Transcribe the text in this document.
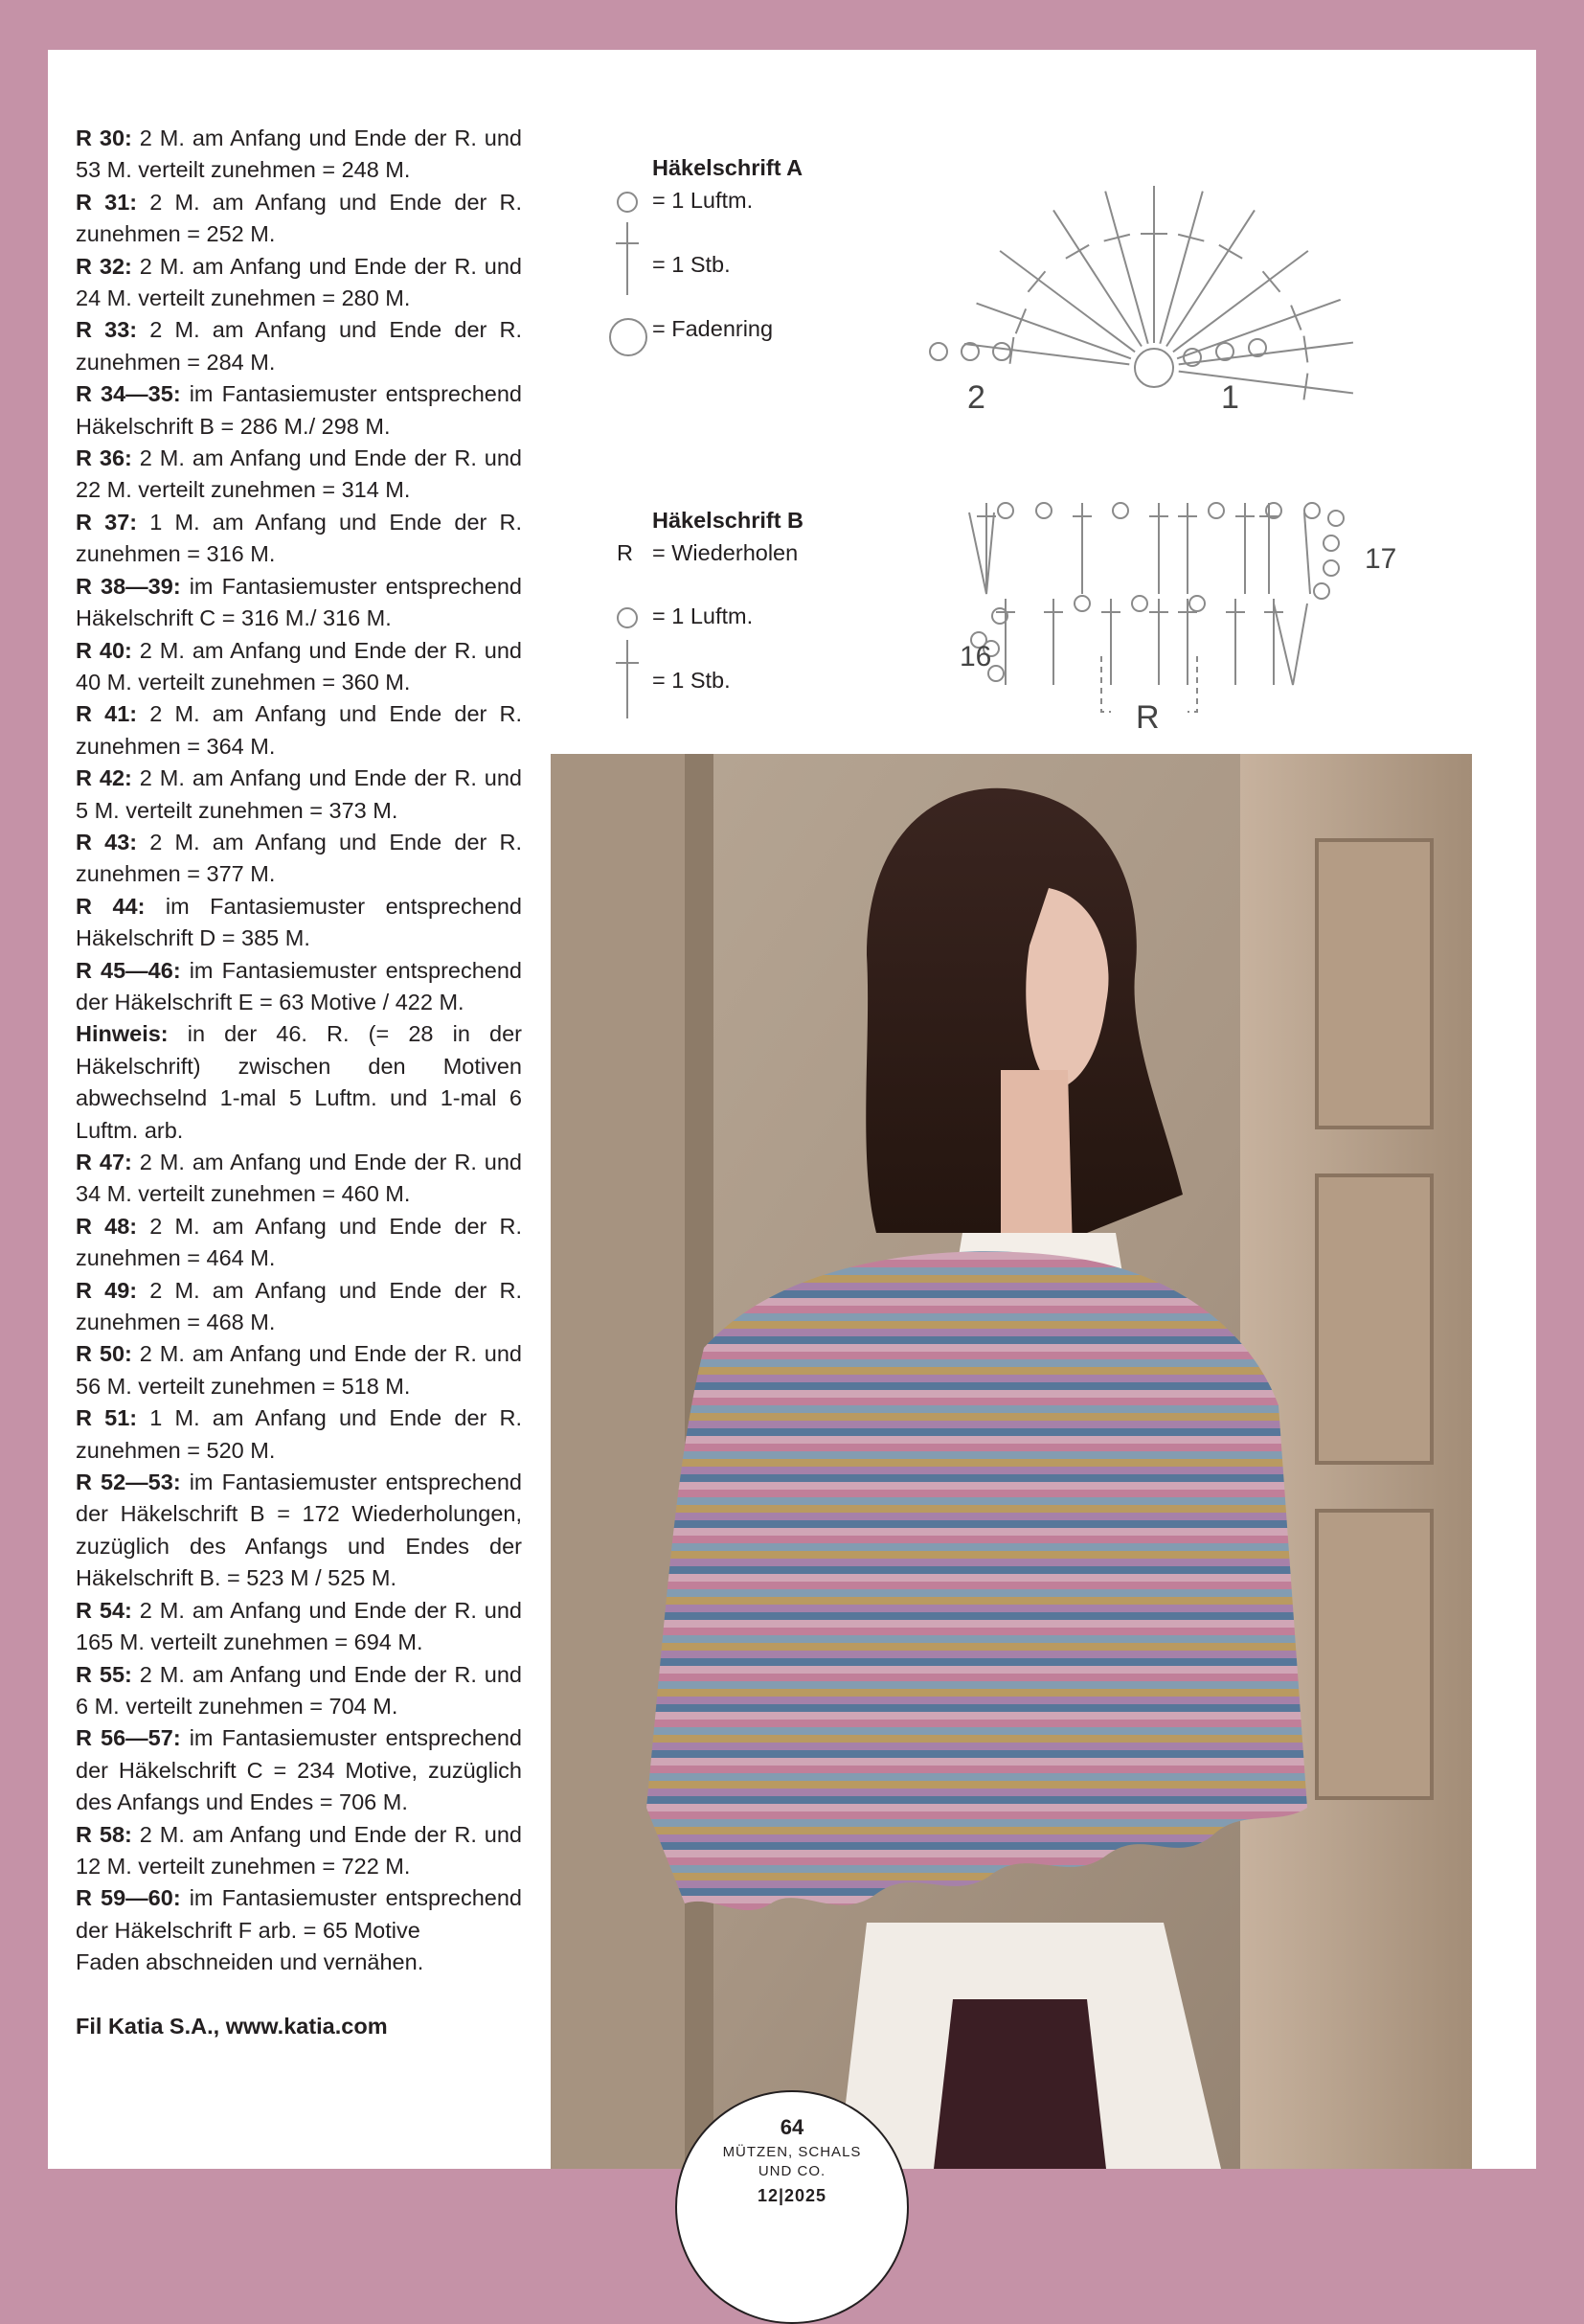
R 30: 2 M. am Anfang und Ende der R. und 53 M. verteilt zunehmen = 248 M.

R 31: 2 M. am Anfang und Ende der R. zunehmen = 252 M.

R 32: 2 M. am Anfang und Ende der R. und 24 M. verteilt zunehmen = 280 M.

R 33: 2 M. am Anfang und Ende der R. zunehmen = 284 M.

R 34—35: im Fantasiemuster entsprechend Häkelschrift B = 286 M./ 298 M.

R 36: 2 M. am Anfang und Ende der R. und 22 M. verteilt zunehmen = 314 M.

R 37: 1 M. am Anfang und Ende der R. zunehmen = 316 M.

R 38—39: im Fantasiemuster entsprechend Häkelschrift C = 316 M./ 316 M.

R 40: 2 M. am Anfang und Ende der R. und 40 M. verteilt zunehmen = 360 M.

R 41: 2 M. am Anfang und Ende der R. zunehmen = 364 M.

R 42: 2 M. am Anfang und Ende der R. und 5 M. verteilt zunehmen = 373 M.

R 43: 2 M. am Anfang und Ende der R. zunehmen = 377 M.

R 44: im Fantasiemuster entsprechend Häkelschrift D = 385 M.

R 45—46: im Fantasiemuster entsprechend der Häkelschrift E = 63 Motive / 422 M.

Hinweis: in der 46. R. (= 28 in der Häkelschrift) zwischen den Motiven abwechselnd 1-mal 5 Luftm. und 1-mal 6 Luftm. arb.

R 47: 2 M. am Anfang und Ende der R. und 34 M. verteilt zunehmen = 460 M.

R 48: 2 M. am Anfang und Ende der R. zunehmen = 464 M.

R 49: 2 M. am Anfang und Ende der R. zunehmen = 468 M.

R 50: 2 M. am Anfang und Ende der R. und 56 M. verteilt zunehmen = 518 M.

R 51: 1 M. am Anfang und Ende der R. zunehmen = 520 M.

R 52—53: im Fantasiemuster entsprechend der Häkelschrift B = 172 Wiederholungen, zuzüglich des Anfangs und Endes der Häkelschrift B. = 523 M / 525 M.

R 54: 2 M. am Anfang und Ende der R. und 165 M. verteilt zunehmen = 694 M.

R 55: 2 M. am Anfang und Ende der R. und 6 M. verteilt zunehmen = 704 M.

R 56—57: im Fantasiemuster entsprechend der Häkelschrift C = 234 Motive, zuzüglich des Anfangs und Endes = 706 M.

R 58: 2 M. am Anfang und Ende der R. und 12 M. verteilt zunehmen = 722 M.

R 59—60: im Fantasiemuster entsprechend der Häkelschrift F arb. = 65 Motive

Faden abschneiden und vernähen.

Fil Katia S.A., www.katia.com

Häkelschrift A
= 1 Luftm.
= 1 Stb.
= Fadenring
2	1
Häkelschrift B
R = Wiederholen
= 1 Luftm.
= 1 Stb.
R
17
16
64
MÜTZEN, SCHALS
UND CO.
12|2025
